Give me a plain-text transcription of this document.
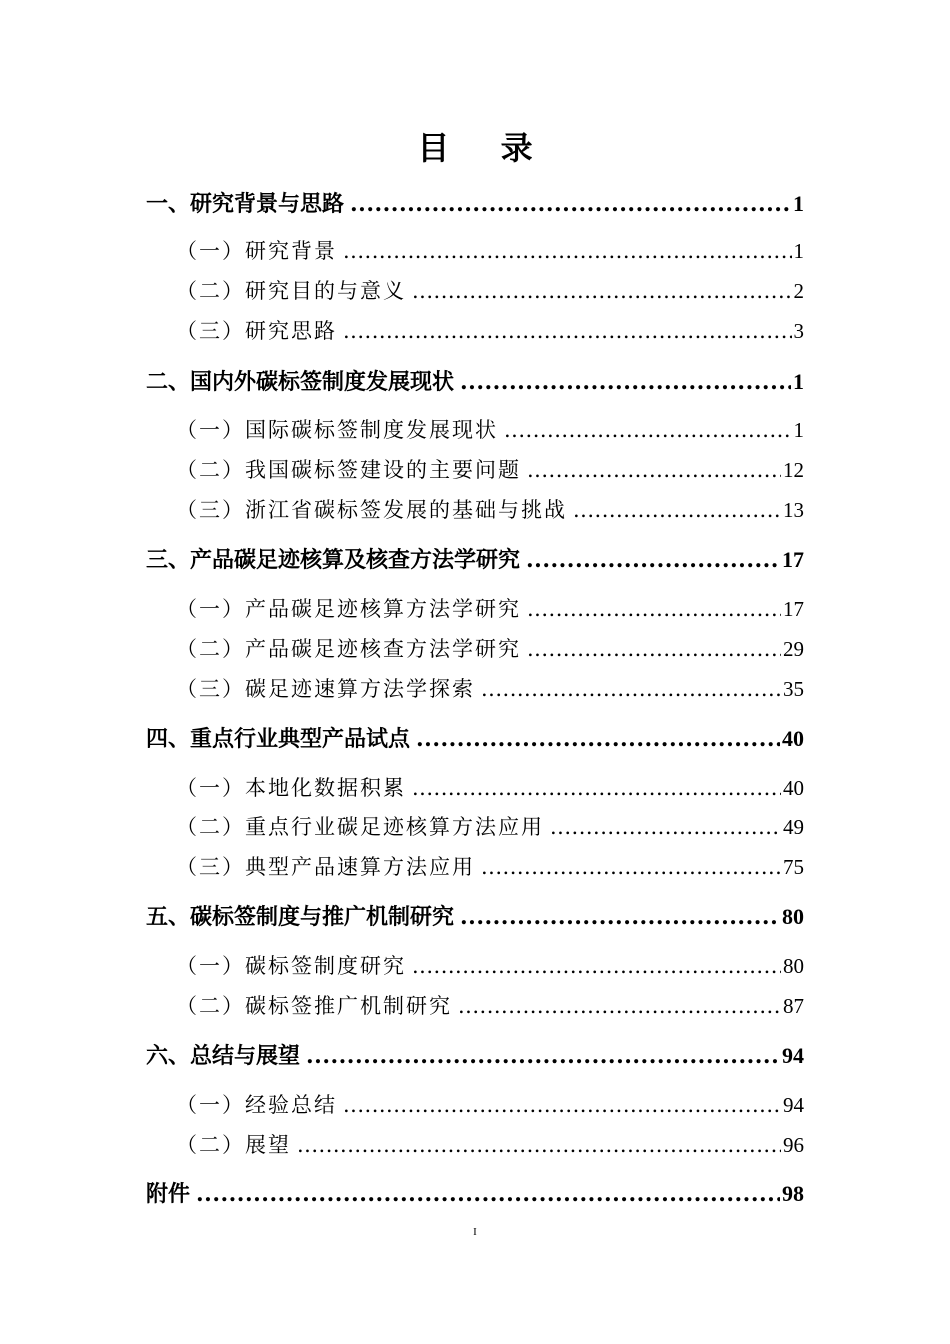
目 录
一、研究背景与思路 .....	1
（一）研究背景 .....	1
（二）研究目的与意义 .....	2
（三）研究思路 .....	3
二、国内外碳标签制度发展现状 .....	1
（一）国际碳标签制度发展现状 .....	1
（二）我国碳标签建设的主要问题 .....	12
（三）浙江省碳标签发展的基础与挑战 .....	13
三、产品碳足迹核算及核查方法学研究 .....	17
（一）产品碳足迹核算方法学研究 .....	17
（二）产品碳足迹核查方法学研究 .....	29
（三）碳足迹速算方法学探索 .....	35
四、重点行业典型产品试点 .....	40
（一）本地化数据积累 .....	40
（二）重点行业碳足迹核算方法应用 .....	49
（三）典型产品速算方法应用 .....	75
五、碳标签制度与推广机制研究 .....	80
（一）碳标签制度研究 .....	80
（二）碳标签推广机制研究 .....	87
六、总结与展望 .....	94
（一）经验总结 .....	94
（二）展望 .....	96
附件 .....	98
I
